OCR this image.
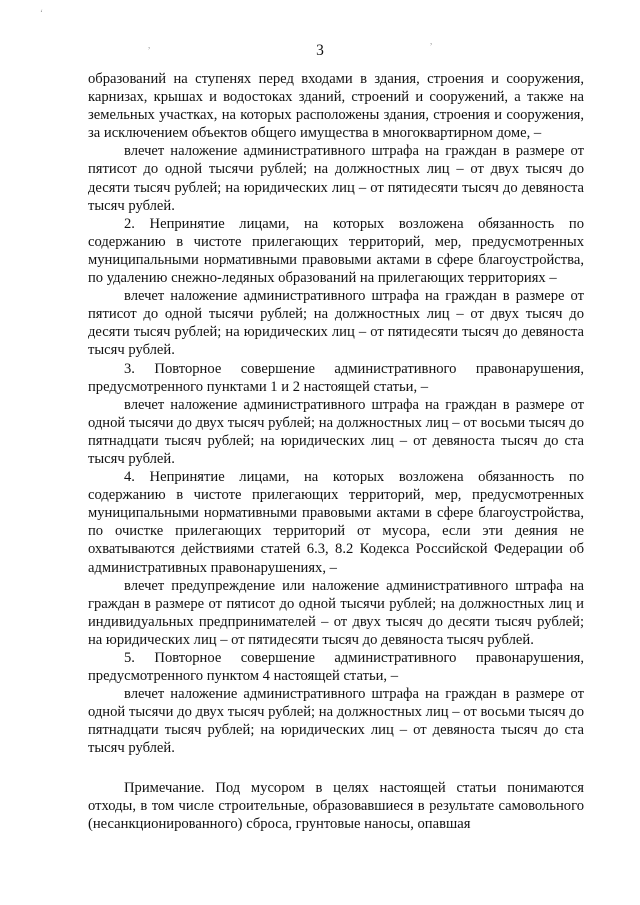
‘
,	,
3

образований на ступенях перед входами в здания, строения и сооружения, карнизах, крышах и водостоках зданий, строений и сооружений, а также на земельных участках, на которых расположены здания, строения и сооружения, за исключением объектов общего имущества в многоквартирном доме, –

влечет наложение административного штрафа на граждан в размере от пятисот до одной тысячи рублей; на должностных лиц – от двух тысяч до десяти тысяч рублей; на юридических лиц – от пятидесяти тысяч до девяноста тысяч рублей.

2. Непринятие лицами, на которых возложена обязанность по содержанию в чистоте прилегающих территорий, мер, предусмотренных муниципальными нормативными правовыми актами в сфере благоустройства, по удалению снежно-ледяных образований на прилегающих территориях –

влечет наложение административного штрафа на граждан в размере от пятисот до одной тысячи рублей; на должностных лиц – от двух тысяч до десяти тысяч рублей; на юридических лиц – от пятидесяти тысяч до девяноста тысяч рублей.

3. Повторное совершение административного правонарушения, предусмотренного пунктами 1 и 2 настоящей статьи, –

влечет наложение административного штрафа на граждан в размере от одной тысячи до двух тысяч рублей; на должностных лиц – от восьми тысяч до пятнадцати тысяч рублей; на юридических лиц – от девяноста тысяч до ста тысяч рублей.

4. Непринятие лицами, на которых возложена обязанность по содержанию в чистоте прилегающих территорий, мер, предусмотренных муниципальными нормативными правовыми актами в сфере благоустройства, по очистке прилегающих территорий от мусора, если эти деяния не охватываются действиями статей 6.3, 8.2 Кодекса Российской Федерации об административных правонарушениях, –

влечет предупреждение или наложение административного штрафа на граждан в размере от пятисот до одной тысячи рублей; на должностных лиц и индивидуальных предпринимателей – от двух тысяч до десяти тысяч рублей; на юридических лиц – от пятидесяти тысяч до девяноста тысяч рублей.

5. Повторное совершение административного правонарушения, предусмотренного пунктом 4 настоящей статьи, –

влечет наложение административного штрафа на граждан в размере от одной тысячи до двух тысяч рублей; на должностных лиц – от восьми тысяч до пятнадцати тысяч рублей; на юридических лиц – от девяноста тысяч до ста тысяч рублей.

Примечание. Под мусором в целях настоящей статьи понимаются отходы, в том числе строительные, образовавшиеся в результате самовольного (несанкционированного) сброса, грунтовые наносы, опавшая
